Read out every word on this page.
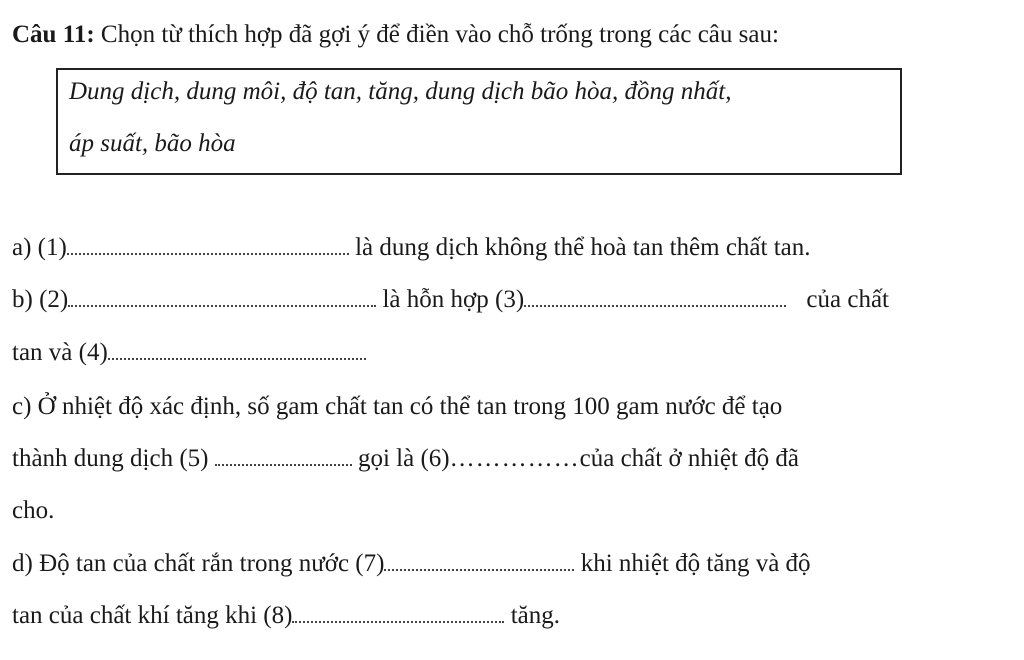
Câu 11: Chọn từ thích hợp đã gợi ý để điền vào chỗ trống trong các câu sau:
Dung dịch, dung môi, độ tan, tăng, dung dịch bão hòa, đồng nhất,
áp suất, bão hòa
a) (1)	là dung dịch không thể hoà tan thêm chất tan.
b) (2)	là hỗn hợp (3)	của chất
tan và (4)
c) Ở nhiệt độ xác định, số gam chất tan có thể tan trong 100 gam nước để tạo
thành dung dịch (5)	gọi là (6)……………của chất ở nhiệt độ đã
cho.
d) Độ tan của chất rắn trong nước (7)	khi nhiệt độ tăng và độ
tan của chất khí tăng khi (8)	tăng.
